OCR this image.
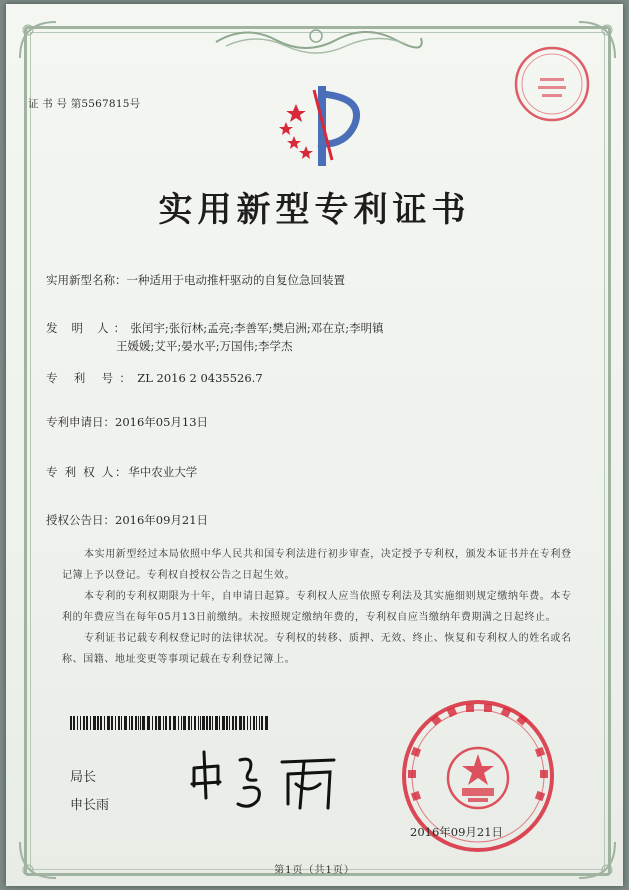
证 书 号 第5567815号
实用新型专利证书
实用新型名称：一种适用于电动推杆驱动的自复位急回装置
发 明 人：张闰宇;张衍林;孟亮;李善军;樊启洲;邓在京;李明镇
王媛媛;艾平;晏水平;万国伟;李学杰
专 利 号：ZL 2016 2 0435526.7
专利申请日：2016年05月13日
专 利 权 人：华中农业大学
授权公告日：2016年09月21日

本实用新型经过本局依照中华人民共和国专利法进行初步审查，决定授予专利权，颁发本证书并在专利登记簿上予以登记。专利权自授权公告之日起生效。

本专利的专利权期限为十年，自申请日起算。专利权人应当依照专利法及其实施细则规定缴纳年费。本专利的年费应当在每年05月13日前缴纳。未按照规定缴纳年费的，专利权自应当缴纳年费期满之日起终止。

专利证书记载专利权登记时的法律状况。专利权的转移、质押、无效、终止、恢复和专利权人的姓名或名称、国籍、地址变更等事项记载在专利登记簿上。

局长
申长雨
2016年09月21日
第1页（共1页）
